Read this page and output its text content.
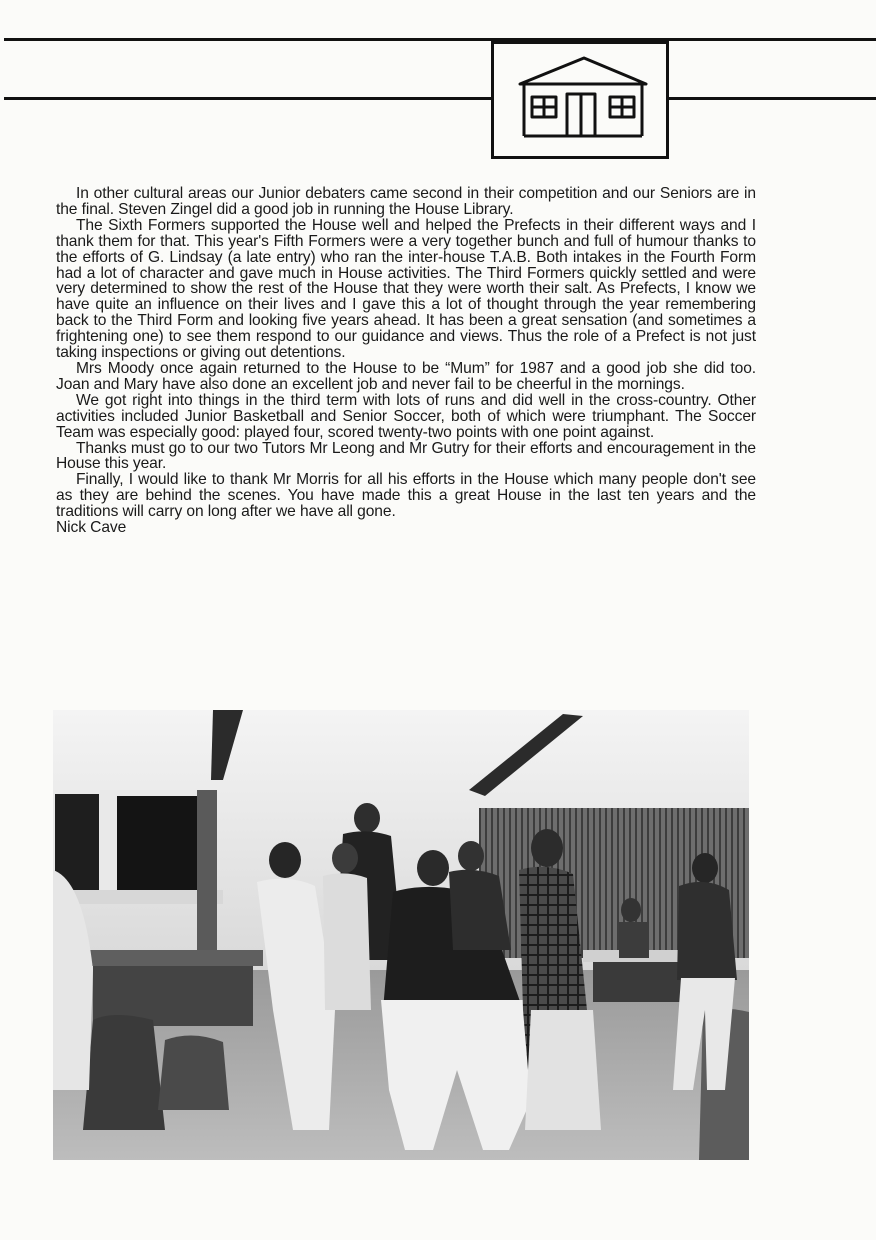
In other cultural areas our Junior debaters came second in their competition and our Seniors are in the final. Steven Zingel did a good job in running the House Library.

The Sixth Formers supported the House well and helped the Prefects in their different ways and I thank them for that. This year's Fifth Formers were a very together bunch and full of humour thanks to the efforts of G. Lindsay (a late entry) who ran the inter-house T.A.B. Both intakes in the Fourth Form had a lot of character and gave much in House activities. The Third Formers quickly settled and were very determined to show the rest of the House that they were worth their salt. As Prefects, I know we have quite an influence on their lives and I gave this a lot of thought through the year remembering back to the Third Form and looking five years ahead. It has been a great sensation (and sometimes a frightening one) to see them respond to our guidance and views. Thus the role of a Prefect is not just taking inspections or giving out detentions.

Mrs Moody once again returned to the House to be “Mum” for 1987 and a good job she did too. Joan and Mary have also done an excellent job and never fail to be cheerful in the mornings.

We got right into things in the third term with lots of runs and did well in the cross-country. Other activities included Junior Basketball and Senior Soccer, both of which were triumphant. The Soccer Team was especially good: played four, scored twenty-two points with one point against.

Thanks must go to our two Tutors Mr Leong and Mr Gutry for their efforts and encouragement in the House this year.

Finally, I would like to thank Mr Morris for all his efforts in the House which many people don't see as they are behind the scenes. You have made this a great House in the last ten years and the traditions will carry on long after we have all gone.

Nick Cave
